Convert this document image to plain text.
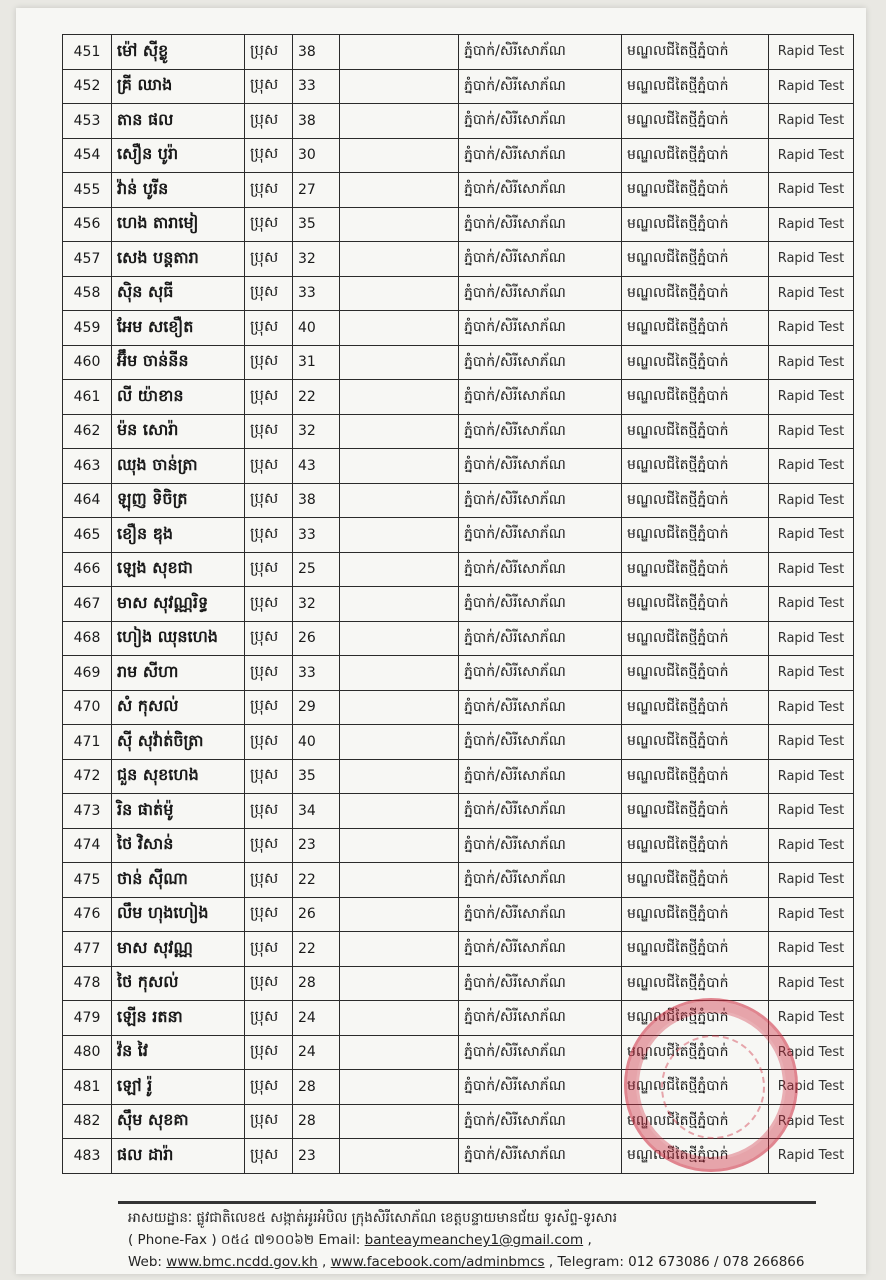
451	ម៉ៅ ស៊ីខ្លូ	ប្រុស	38		ភ្នំបាក់/សិរីសោភ័ណ	មណ្ឌលជីតៃថ្មីភ្នំបាក់	Rapid Test
452	គ្រី ឈាង	ប្រុស	33		ភ្នំបាក់/សិរីសោភ័ណ	មណ្ឌលជីតៃថ្មីភ្នំបាក់	Rapid Test
453	តាន ផល	ប្រុស	38		ភ្នំបាក់/សិរីសោភ័ណ	មណ្ឌលជីតៃថ្មីភ្នំបាក់	Rapid Test
454	សឿន បូរ៉ា	ប្រុស	30		ភ្នំបាក់/សិរីសោភ័ណ	មណ្ឌលជីតៃថ្មីភ្នំបាក់	Rapid Test
455	វ៉ាន់ បូរីន	ប្រុស	27		ភ្នំបាក់/សិរីសោភ័ណ	មណ្ឌលជីតៃថ្មីភ្នំបាក់	Rapid Test
456	ហេង តារាមៀ	ប្រុស	35		ភ្នំបាក់/សិរីសោភ័ណ	មណ្ឌលជីតៃថ្មីភ្នំបាក់	Rapid Test
457	សេង បន្តតារា	ប្រុស	32		ភ្នំបាក់/សិរីសោភ័ណ	មណ្ឌលជីតៃថ្មីភ្នំបាក់	Rapid Test
458	ស៊ិន សុធី	ប្រុស	33		ភ្នំបាក់/សិរីសោភ័ណ	មណ្ឌលជីតៃថ្មីភ្នំបាក់	Rapid Test
459	អែម សខឿត	ប្រុស	40		ភ្នំបាក់/សិរីសោភ័ណ	មណ្ឌលជីតៃថ្មីភ្នំបាក់	Rapid Test
460	អ៊ឹម ចាន់នីន	ប្រុស	31		ភ្នំបាក់/សិរីសោភ័ណ	មណ្ឌលជីតៃថ្មីភ្នំបាក់	Rapid Test
461	លី យ៉ាខាន	ប្រុស	22		ភ្នំបាក់/សិរីសោភ័ណ	មណ្ឌលជីតៃថ្មីភ្នំបាក់	Rapid Test
462	ម៉ន សោរ៉ា	ប្រុស	32		ភ្នំបាក់/សិរីសោភ័ណ	មណ្ឌលជីតៃថ្មីភ្នំបាក់	Rapid Test
463	ឈុង ចាន់ត្រា	ប្រុស	43		ភ្នំបាក់/សិរីសោភ័ណ	មណ្ឌលជីតៃថ្មីភ្នំបាក់	Rapid Test
464	ឡុញ ទិចិត្រ	ប្រុស	38		ភ្នំបាក់/សិរីសោភ័ណ	មណ្ឌលជីតៃថ្មីភ្នំបាក់	Rapid Test
465	ខឿន ឌុង	ប្រុស	33		ភ្នំបាក់/សិរីសោភ័ណ	មណ្ឌលជីតៃថ្មីភ្នំបាក់	Rapid Test
466	ឡេង សុខជា	ប្រុស	25		ភ្នំបាក់/សិរីសោភ័ណ	មណ្ឌលជីតៃថ្មីភ្នំបាក់	Rapid Test
467	មាស សុវណ្ណរិទ្ធ	ប្រុស	32		ភ្នំបាក់/សិរីសោភ័ណ	មណ្ឌលជីតៃថ្មីភ្នំបាក់	Rapid Test
468	ហៀង ឈុនហេង	ប្រុស	26		ភ្នំបាក់/សិរីសោភ័ណ	មណ្ឌលជីតៃថ្មីភ្នំបាក់	Rapid Test
469	រាម សីហា	ប្រុស	33		ភ្នំបាក់/សិរីសោភ័ណ	មណ្ឌលជីតៃថ្មីភ្នំបាក់	Rapid Test
470	សំ កុសល់	ប្រុស	29		ភ្នំបាក់/សិរីសោភ័ណ	មណ្ឌលជីតៃថ្មីភ្នំបាក់	Rapid Test
471	ស៊ី សុវ៉ាត់ចិត្រា	ប្រុស	40		ភ្នំបាក់/សិរីសោភ័ណ	មណ្ឌលជីតៃថ្មីភ្នំបាក់	Rapid Test
472	ជួន សុខហេង	ប្រុស	35		ភ្នំបាក់/សិរីសោភ័ណ	មណ្ឌលជីតៃថ្មីភ្នំបាក់	Rapid Test
473	រិន ផាត់ម៉ូ	ប្រុស	34		ភ្នំបាក់/សិរីសោភ័ណ	មណ្ឌលជីតៃថ្មីភ្នំបាក់	Rapid Test
474	ថៃ វិសាន់	ប្រុស	23		ភ្នំបាក់/សិរីសោភ័ណ	មណ្ឌលជីតៃថ្មីភ្នំបាក់	Rapid Test
475	ថាន់ ស៊ីណា	ប្រុស	22		ភ្នំបាក់/សិរីសោភ័ណ	មណ្ឌលជីតៃថ្មីភ្នំបាក់	Rapid Test
476	លឹម ហុងហៀង	ប្រុស	26		ភ្នំបាក់/សិរីសោភ័ណ	មណ្ឌលជីតៃថ្មីភ្នំបាក់	Rapid Test
477	មាស សុវណ្ណ	ប្រុស	22		ភ្នំបាក់/សិរីសោភ័ណ	មណ្ឌលជីតៃថ្មីភ្នំបាក់	Rapid Test
478	ថៃ កុសល់	ប្រុស	28		ភ្នំបាក់/សិរីសោភ័ណ	មណ្ឌលជីតៃថ្មីភ្នំបាក់	Rapid Test
479	ឡើន រតនា	ប្រុស	24		ភ្នំបាក់/សិរីសោភ័ណ	មណ្ឌលជីតៃថ្មីភ្នំបាក់	Rapid Test
480	វ៉ន វៃ	ប្រុស	24		ភ្នំបាក់/សិរីសោភ័ណ	មណ្ឌលជីតៃថ្មីភ្នំបាក់	Rapid Test
481	ឡៅ រ៉ូ	ប្រុស	28		ភ្នំបាក់/សិរីសោភ័ណ	មណ្ឌលជីតៃថ្មីភ្នំបាក់	Rapid Test
482	ស៊ឹម សុខគា	ប្រុស	28		ភ្នំបាក់/សិរីសោភ័ណ	មណ្ឌលជីតៃថ្មីភ្នំបាក់	Rapid Test
483	ផល ដារ៉ា	ប្រុស	23		ភ្នំបាក់/សិរីសោភ័ណ	មណ្ឌលជីតៃថ្មីភ្នំបាក់	Rapid Test
អាសយដ្ឋានៈ ផ្លូវជាតិលេខ៥ សង្កាត់អូរអំបិល ក្រុងសិរីសោភ័ណ ខេត្តបន្ទាយមានជ័យ ទូរស័ព្ទ-ទូរសារ
( Phone-Fax ) ០៥៤ ៧១០០៦២ Email: banteaymeanchey1@gmail.com ,
Web: www.bmc.ncdd.gov.kh , www.facebook.com/adminbmcs , Telegram: 012 673086 / 078 266866
